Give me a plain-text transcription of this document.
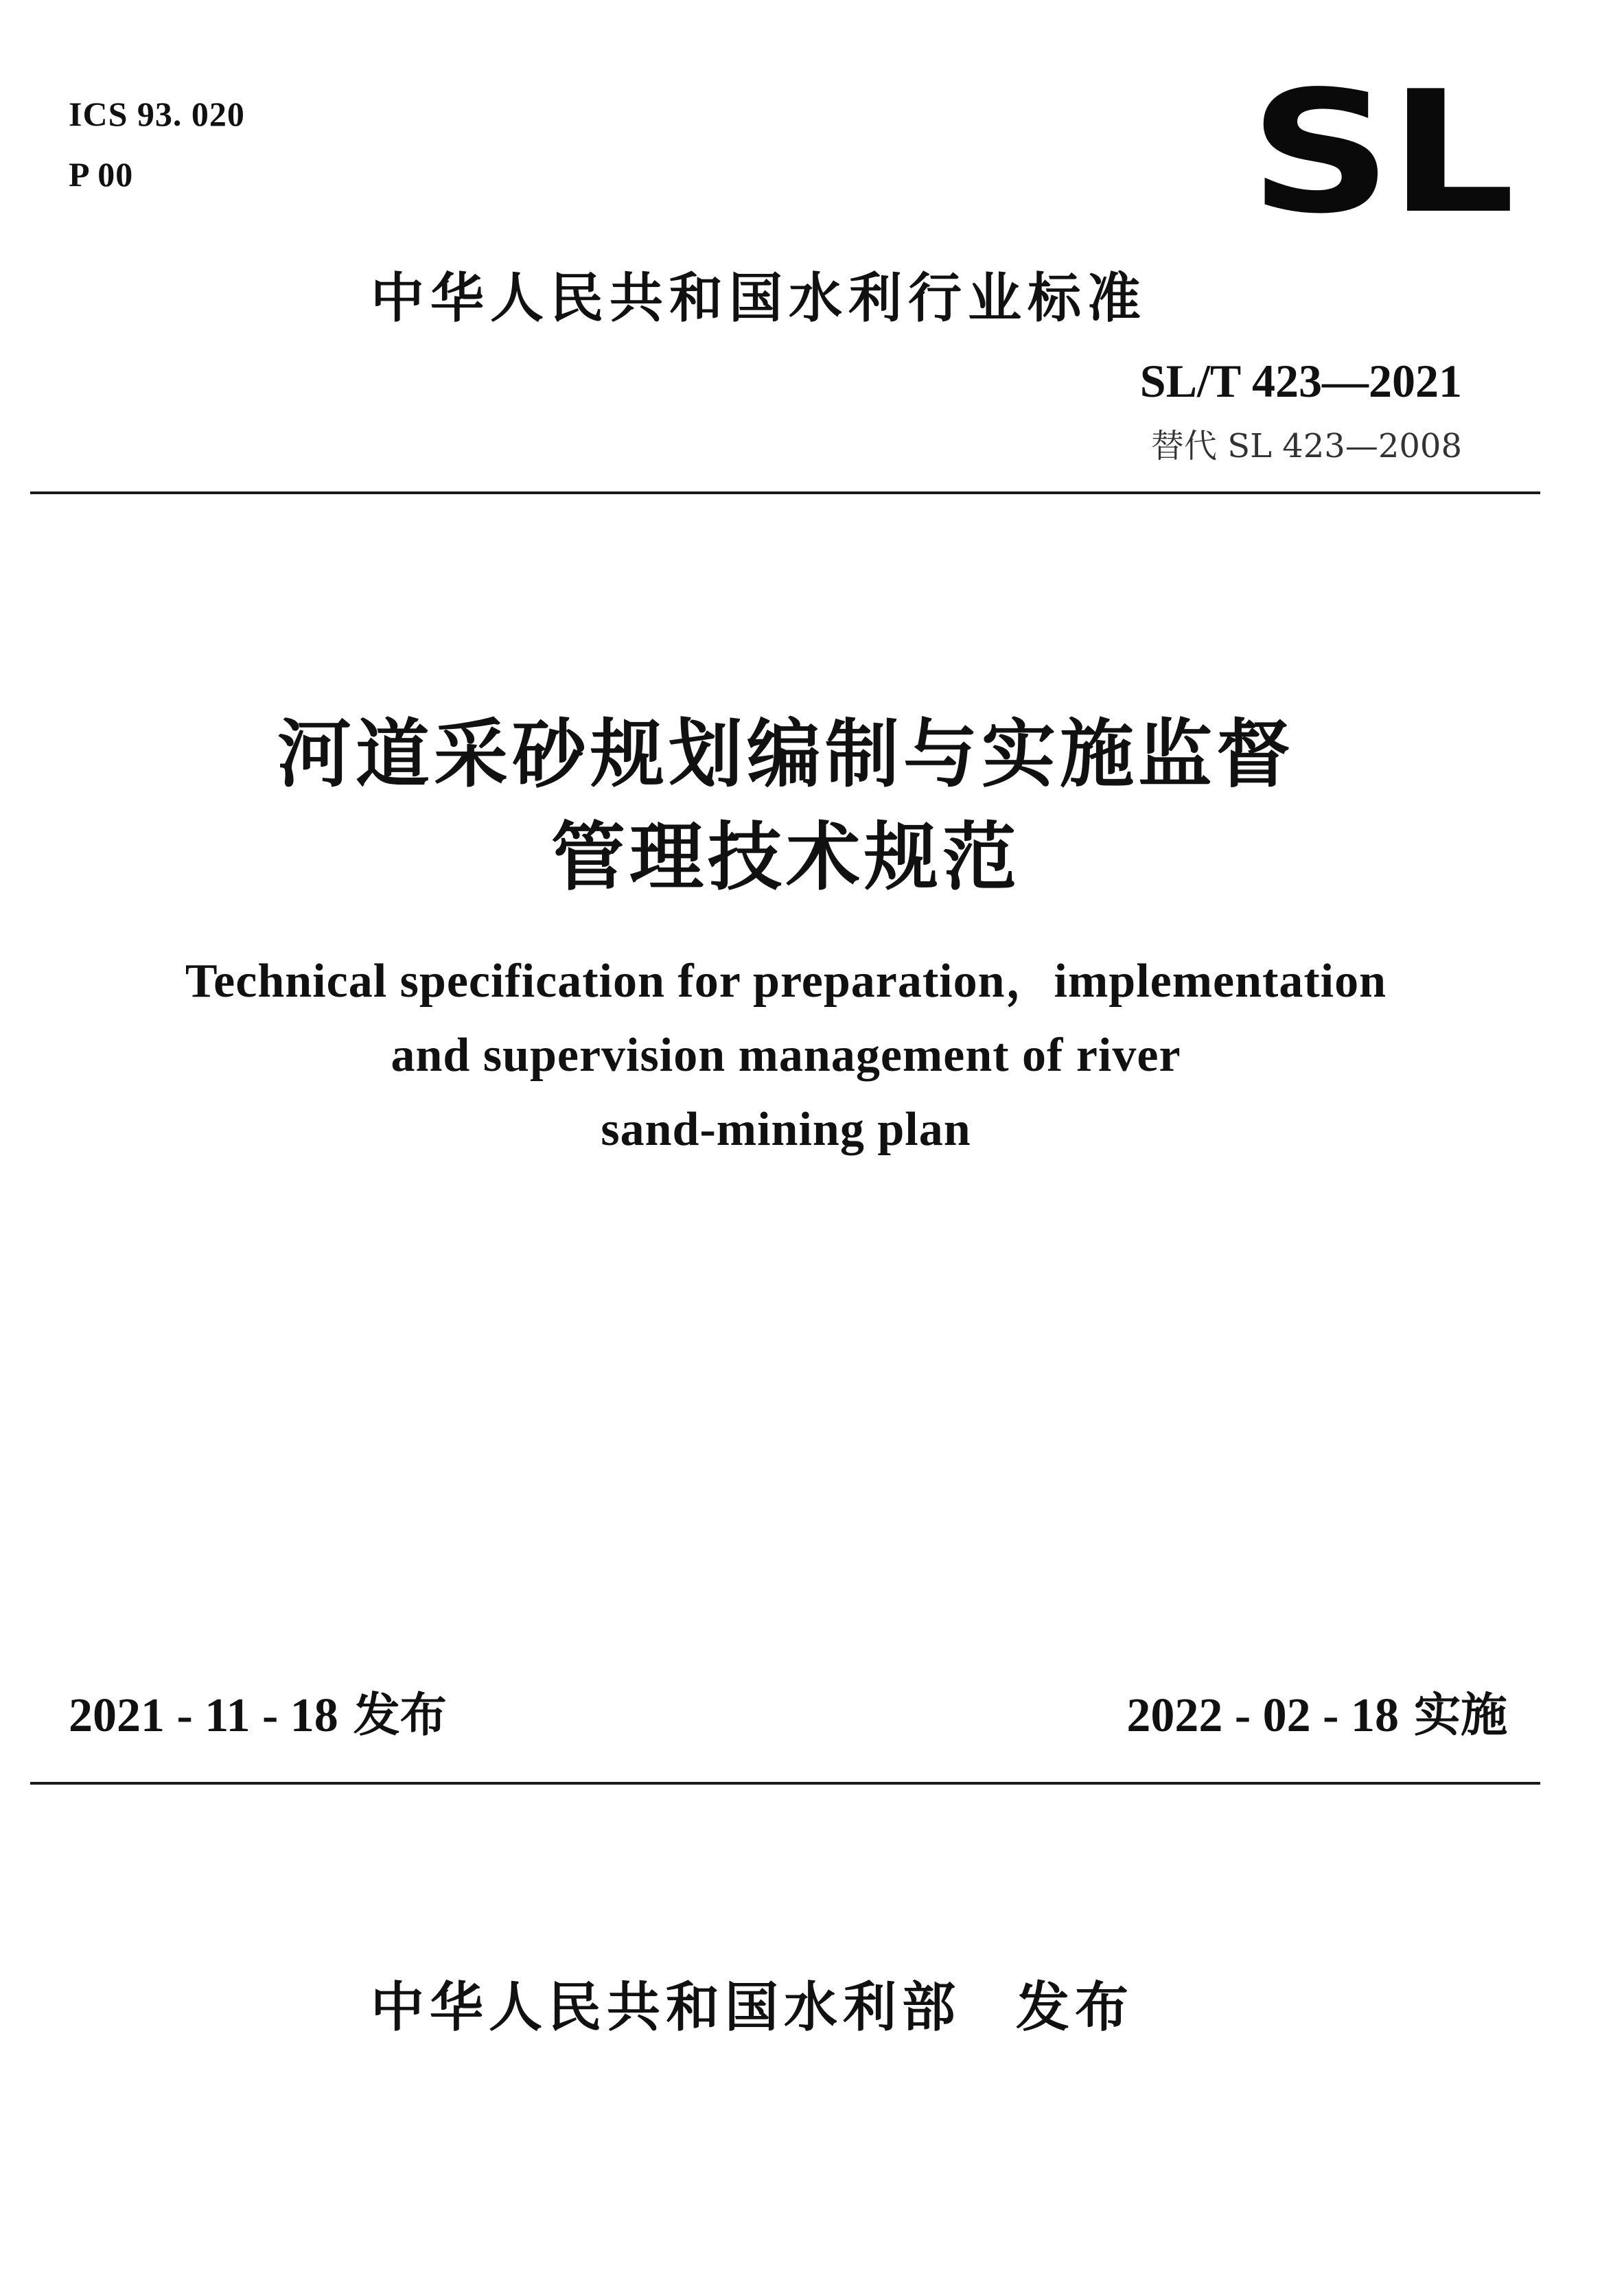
ICS 93. 020
P 00	SL
中华人民共和国水利行业标准
SL/T 423—2021
替代 SL 423—2008
河道采砂规划编制与实施监督
管理技术规范
Technical specification for preparation，implementation
and supervision management of river
sand-mining plan
2021 - 11 - 18 发布	2022 - 02 - 18 实施
中华人民共和国水利部 发布
